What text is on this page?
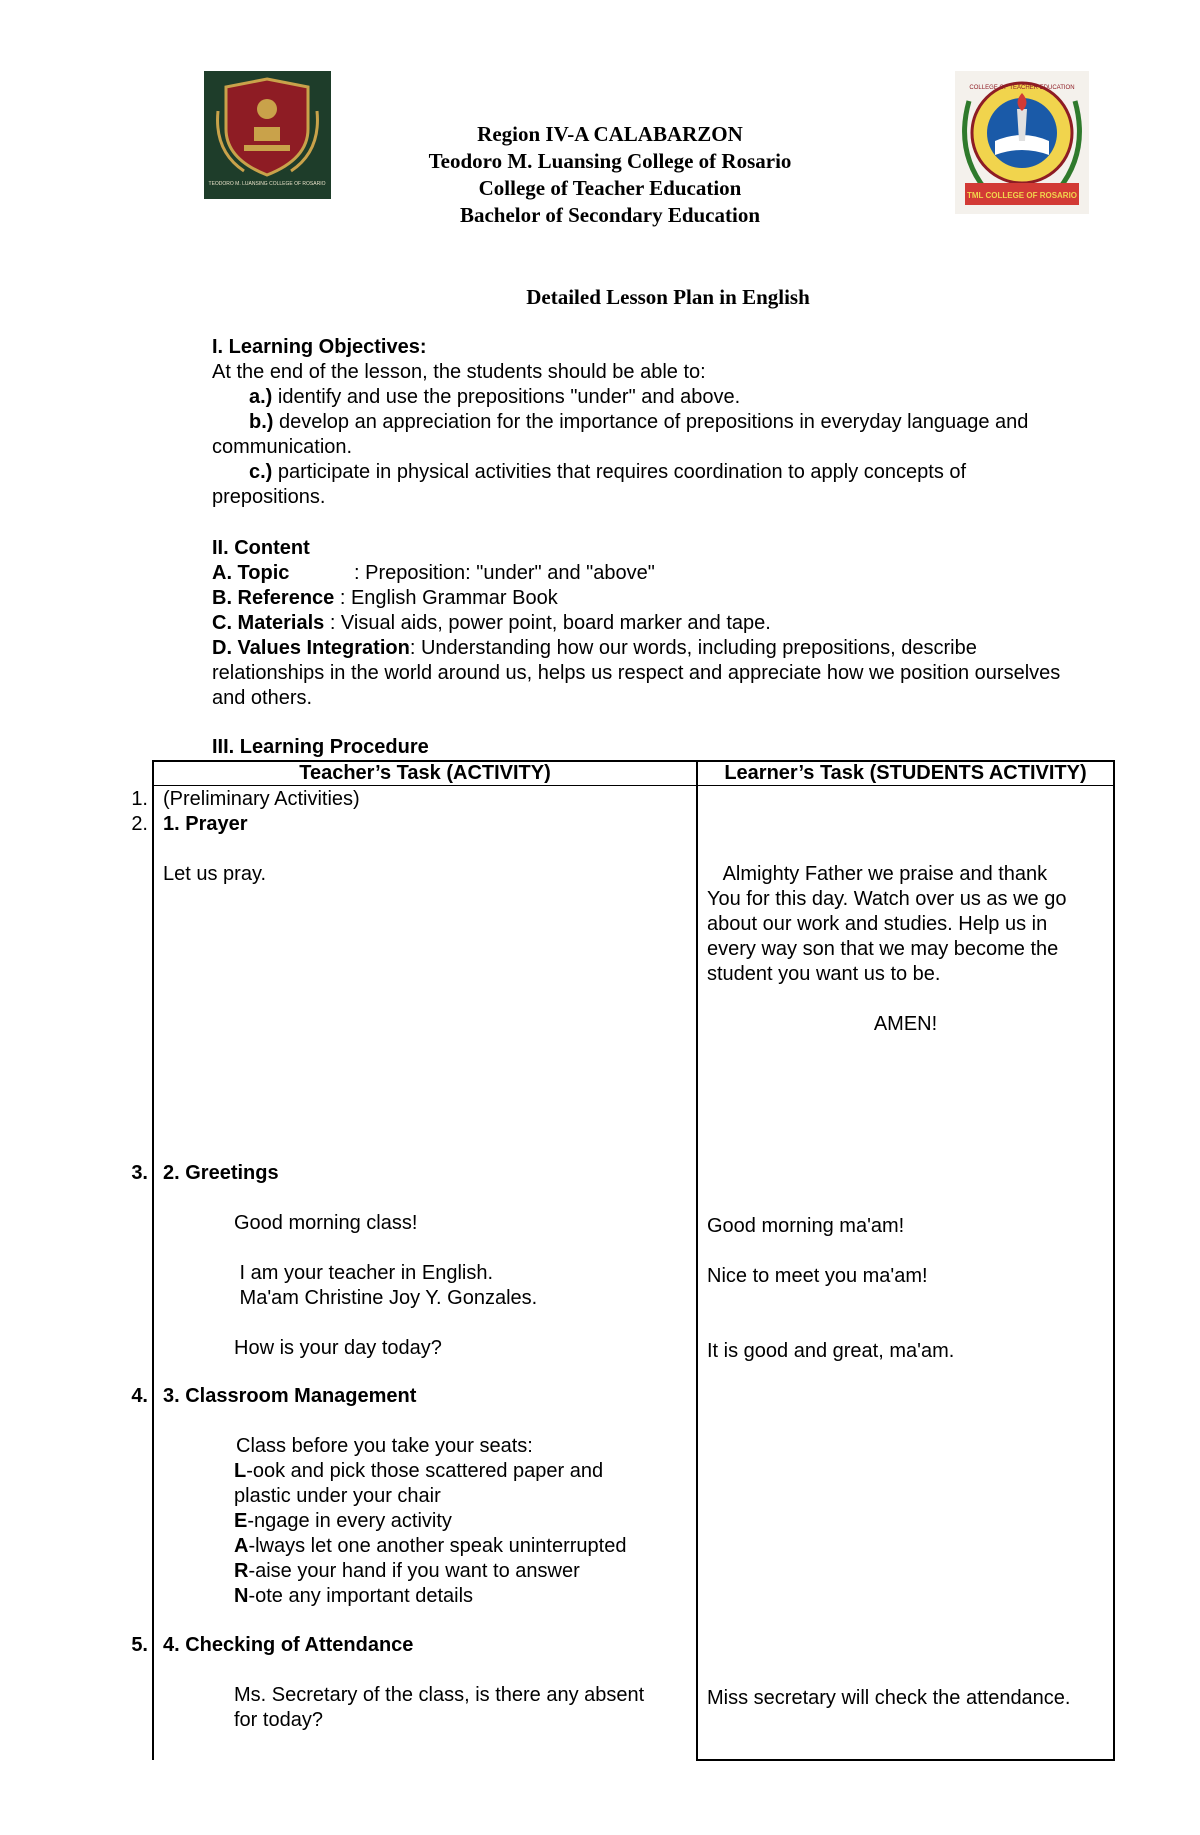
TEODORO M. LUANSING COLLEGE OF ROSARIO
TML COLLEGE OF ROSARIO
COLLEGE OF TEACHER EDUCATION
Region IV-A CALABARZON
Teodoro M. Luansing College of Rosario
College of Teacher Education
Bachelor of Secondary Education
Detailed Lesson Plan in English
I. Learning Objectives:
At the end of the lesson, the students should be able to:
a.) identify and use the prepositions "under" and above.
b.) develop an appreciation for the importance of prepositions in everyday language and
communication.
c.) participate in physical activities that requires coordination to apply concepts of
prepositions.
II. Content
A. Topic	: Preposition: "under" and "above"
B. Reference : English Grammar Book
C. Materials : Visual aids, power point, board marker and tape.
D. Values Integration: Understanding how our words, including prepositions, describe
relationships in the world around us, helps us respect and appreciate how we position ourselves
and others.
III. Learning Procedure
Teacher’s Task (ACTIVITY)	Learner’s Task (STUDENTS ACTIVITY)
1.
2.
3.
4.
5.
(Preliminary Activities)
1. Prayer
Let us pray.
2. Greetings
Good morning class!
I am your teacher in English.
Ma'am Christine Joy Y. Gonzales.
How is your day today?
3. Classroom Management
Class before you take your seats:
L-ook and pick those scattered paper and
plastic under your chair
E-ngage in every activity
A-lways let one another speak uninterrupted
R-aise your hand if you want to answer
N-ote any important details
4. Checking of Attendance
Ms. Secretary of the class, is there any absent
for today?
Almighty Father we praise and thank
You for this day. Watch over us as we go
about our work and studies. Help us in
every way son that we may become the
student you want us to be.
AMEN!
Good morning ma'am!
Nice to meet you ma'am!
It is good and great, ma'am.
Miss secretary will check the attendance.
